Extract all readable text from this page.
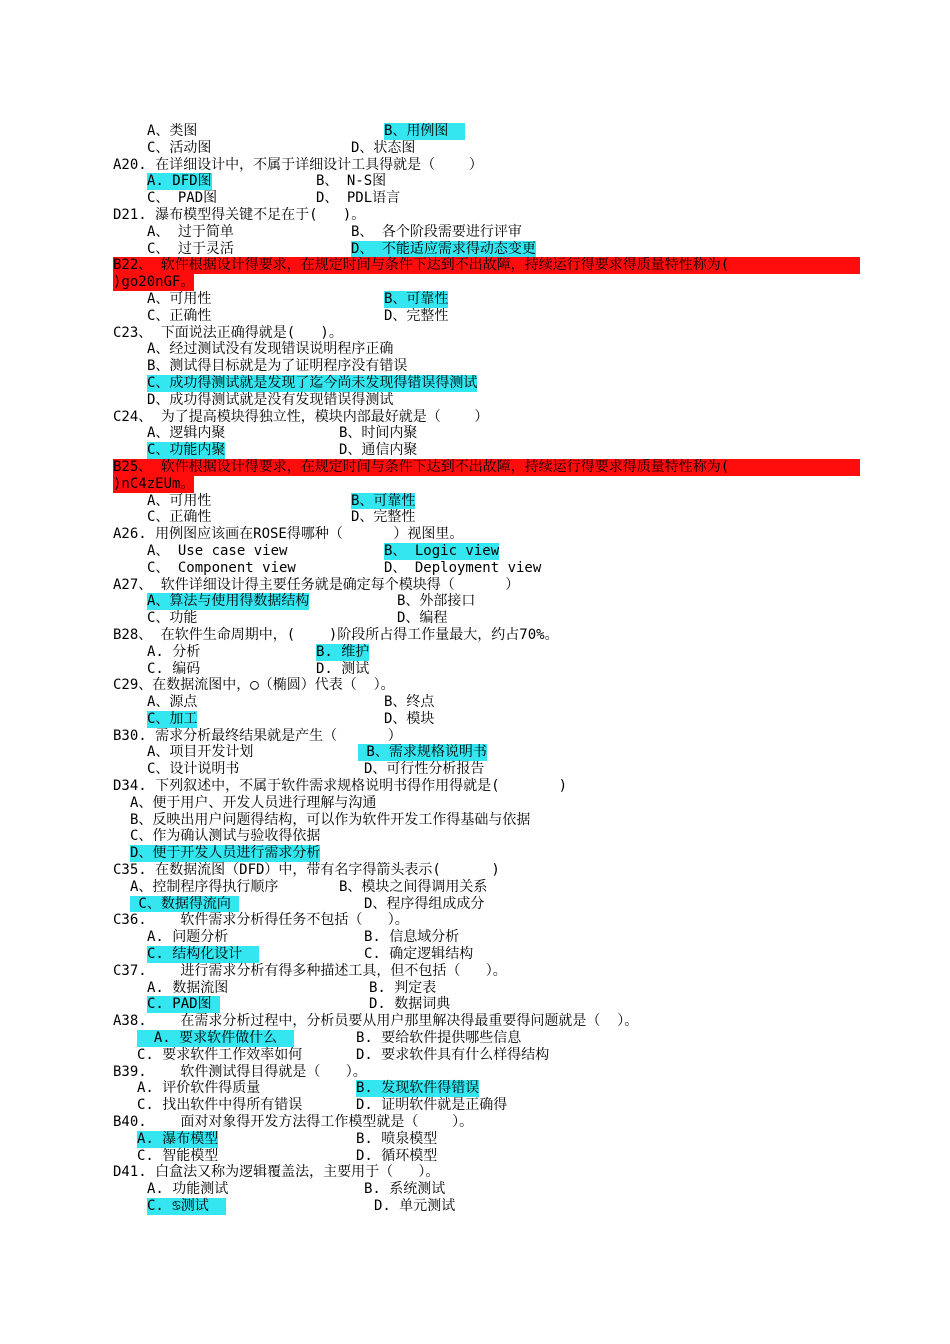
A、类图	B、用例图
C、活动图	D、状态图
A20. 在详细设计中，不属于详细设计工具得就是（    ）
A. DFD图	B、 N-S图
C、 PAD图	D、 PDL语言
D21. 瀑布模型得关键不足在于(   )。
A、 过于简单	B、 各个阶段需要进行评审
C、 过于灵活	D、 不能适应需求得动态变更
B22、 软件根据设计得要求，在规定时间与条件下达到不出故障，持续运行得要求得质量特性称为(
)go20nGF。
A、可用性	B、可靠性
C、正确性	D、完整性
C23、 下面说法正确得就是(   )。
A、经过测试没有发现错误说明程序正确
B、测试得目标就是为了证明程序没有错误
C、成功得测试就是发现了迄今尚未发现得错误得测试
D、成功得测试就是没有发现错误得测试
C24、 为了提高模块得独立性，模块内部最好就是（    ）
A、逻辑内聚	B、时间内聚
C、功能内聚	D、通信内聚
B25、 软件根据设计得要求，在规定时间与条件下达到不出故障，持续运行得要求得质量特性称为(
)nC4zEUm。
A、可用性	B、可靠性
C、正确性	D、完整性
A26. 用例图应该画在ROSE得哪种（      ）视图里。
A、 Use case view	B、 Logic view
C、 Component view	D、 Deployment view
A27、 软件详细设计得主要任务就是确定每个模块得（      ）
A、算法与使用得数据结构	B、外部接口
C、功能	D、编程
B28、 在软件生命周期中，(    )阶段所占得工作量最大，约占70%。
A. 分析	B. 维护
C. 编码	D. 测试
C29、在数据流图中，◯（椭圆）代表（  ）。
A、源点	B、终点
C、加工	D、模块
B30. 需求分析最终结果就是产生（      ）
A、项目开发计划	B、需求规格说明书
C、设计说明书	D、可行性分析报告
D34. 下列叙述中，不属于软件需求规格说明书得作用得就是(       )
A、便于用户、开发人员进行理解与沟通
B、反映出用户问题得结构，可以作为软件开发工作得基础与依据
C、作为确认测试与验收得依据
D、便于开发人员进行需求分析
C35. 在数据流图（DFD）中，带有名字得箭头表示(      )
A、控制程序得执行顺序	B、模块之间得调用关系
C、数据得流向	D、程序得组成成分
C36.    软件需求分析得任务不包括（   ）。
A. 问题分析	B. 信息域分析
C. 结构化设计	C. 确定逻辑结构
C37.    进行需求分析有得多种描述工具，但不包括（   ）。
A. 数据流图	B. 判定表
C. PAD图	D. 数据词典
A38.    在需求分析过程中，分析员要从用户那里解决得最重要得问题就是（  ）。
A. 要求软件做什么	B. 要给软件提供哪些信息
C. 要求软件工作效率如何	D. 要求软件具有什么样得结构
B39.    软件测试得目得就是（   ）。
A. 评价软件得质量	B. 发现软件得错误
C. 找出软件中得所有错误	D. 证明软件就是正确得
B40.    面对对象得开发方法得工作模型就是（    ）。
A. 瀑布模型	B. 喷泉模型
C. 智能模型	D. 循环模型
D41. 白盒法又称为逻辑覆盖法，主要用于（   ）。
A. 功能测试	B. 系统测试
C. ♋测试	D. 单元测试
